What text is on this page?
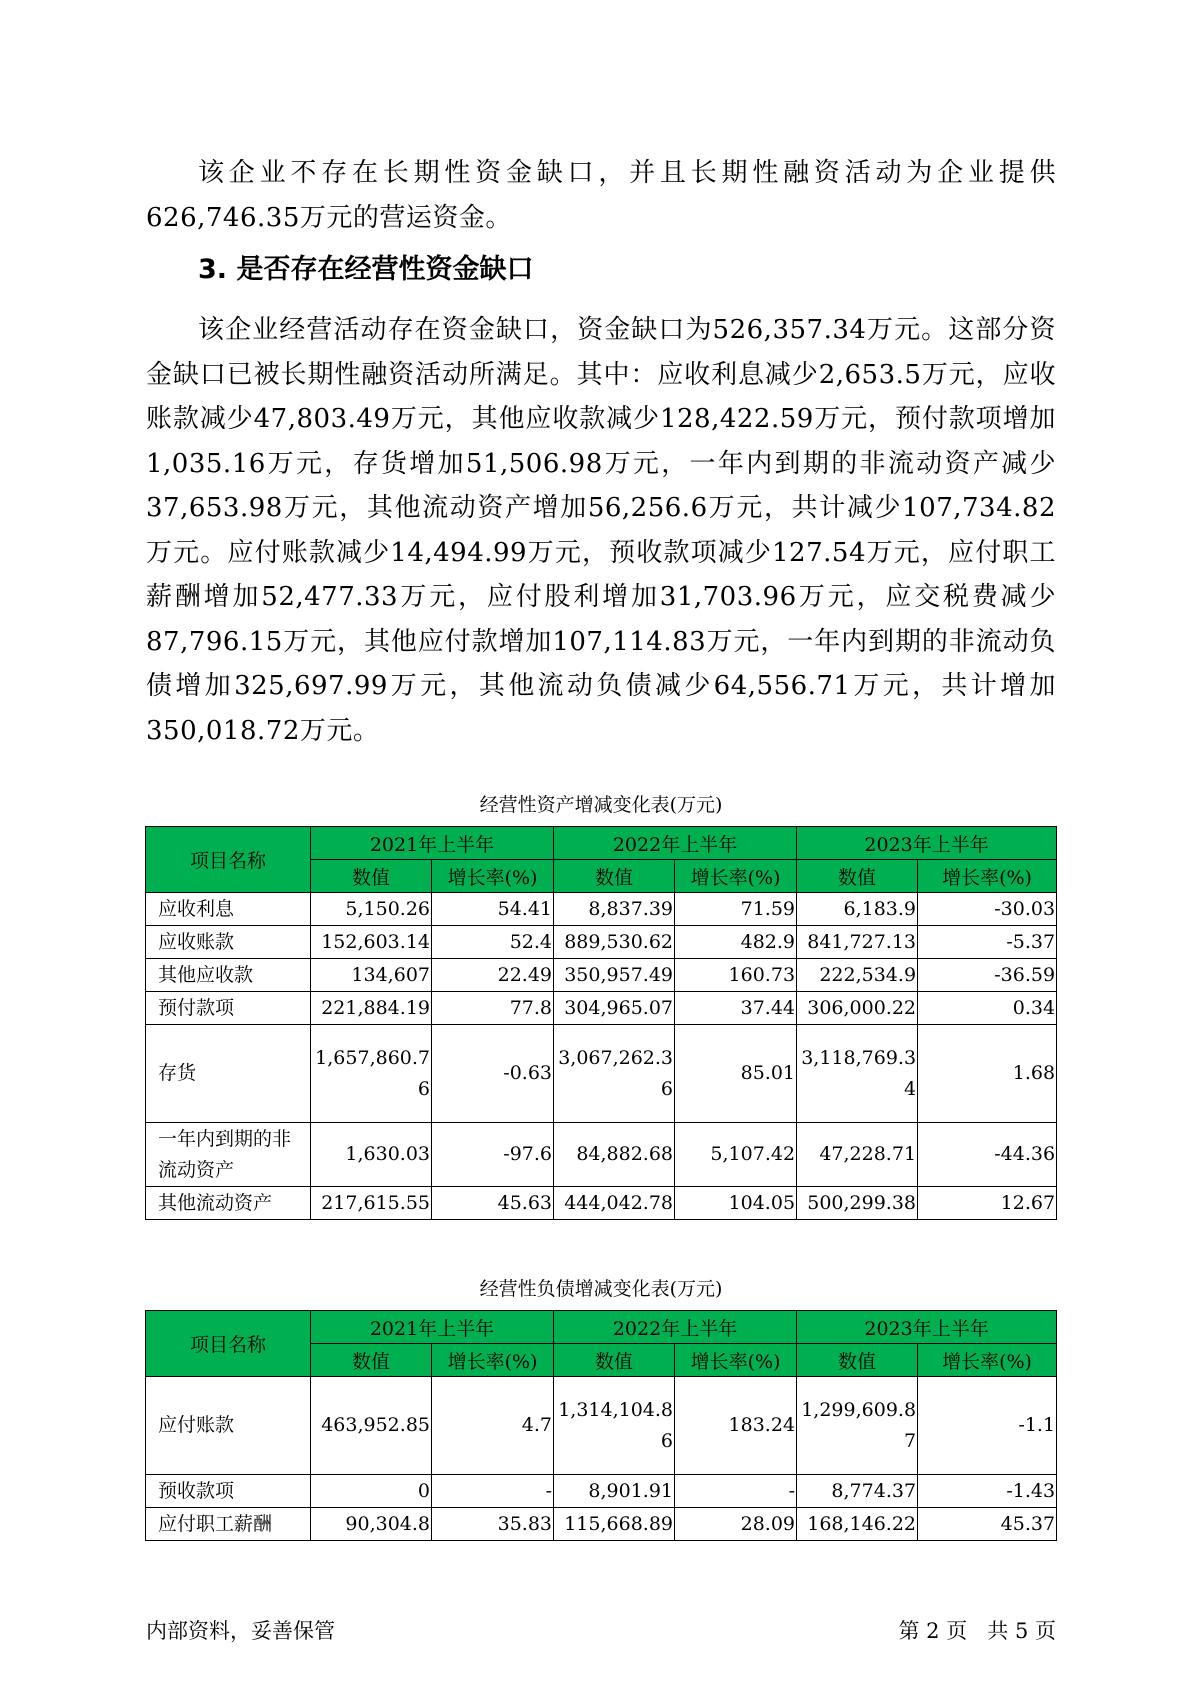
该企业不存在长期性资金缺口，并且长期性融资活动为企业提供626,746.35万元的营运资金。

3. 是否存在经营性资金缺口

该企业经营活动存在资金缺口，资金缺口为526,357.34万元。这部分资金缺口已被长期性融资活动所满足。其中：应收利息减少2,653.5万元，应收账款减少47,803.49万元，其他应收款减少128,422.59万元，预付款项增加1,035.16万元，存货增加51,506.98万元，一年内到期的非流动资产减少37,653.98万元，其他流动资产增加56,256.6万元，共计减少107,734.82万元。应付账款减少14,494.99万元，预收款项减少127.54万元，应付职工薪酬增加52,477.33万元，应付股利增加31,703.96万元，应交税费减少87,796.15万元，其他应付款增加107,114.83万元，一年内到期的非流动负债增加325,697.99万元，其他流动负债减少64,556.71万元，共计增加350,018.72万元。

经营性资产增减变化表(万元)
项目名称	2021年上半年		2022年上半年		2023年上半年	
	数值	增长率(%)	数值	增长率(%)	数值	增长率(%)
应收利息	5,150.26	54.41	8,837.39	71.59	6,183.9	-30.03
应收账款	152,603.14	52.4	889,530.62	482.9	841,727.13	-5.37
其他应收款	134,607	22.49	350,957.49	160.73	222,534.9	-36.59
预付款项	221,884.19	77.8	304,965.07	37.44	306,000.22	0.34
存货	1,657,860.76	-0.63	3,067,262.36	85.01	3,118,769.34	1.68
一年内到期的非流动资产	1,630.03	-97.6	84,882.68	5,107.42	47,228.71	-44.36
其他流动资产	217,615.55	45.63	444,042.78	104.05	500,299.38	12.67
经营性负债增减变化表(万元)
项目名称	2021年上半年		2022年上半年		2023年上半年	
	数值	增长率(%)	数值	增长率(%)	数值	增长率(%)
应付账款	463,952.85	4.7	1,314,104.86	183.24	1,299,609.87	-1.1
预收款项	0	-	8,901.91	-	8,774.37	-1.43
应付职工薪酬	90,304.8	35.83	115,668.89	28.09	168,146.22	45.37
内部资料，妥善保管	第 2 页 共 5 页
